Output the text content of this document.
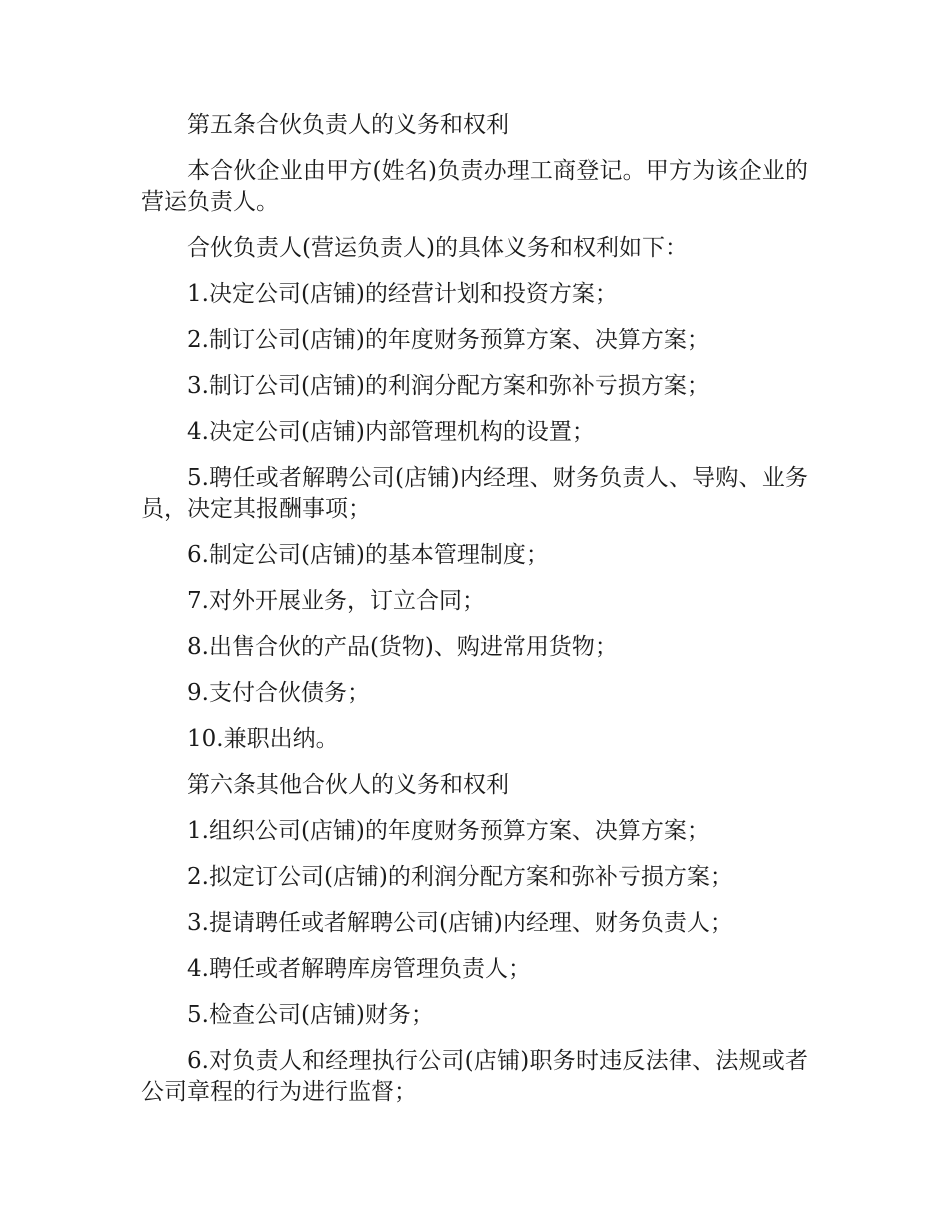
第五条合伙负责人的义务和权利

本合伙企业由甲方(姓名)负责办理工商登记。甲方为该企业的营运负责人。

合伙负责人(营运负责人)的具体义务和权利如下：

1.决定公司(店铺)的经营计划和投资方案；

2.制订公司(店铺)的年度财务预算方案、决算方案；

3.制订公司(店铺)的利润分配方案和弥补亏损方案；

4.决定公司(店铺)内部管理机构的设置；

5.聘任或者解聘公司(店铺)内经理、财务负责人、导购、业务员，决定其报酬事项；

6.制定公司(店铺)的基本管理制度；

7.对外开展业务，订立合同；

8.出售合伙的产品(货物)、购进常用货物；

9.支付合伙债务；

10.兼职出纳。

第六条其他合伙人的义务和权利

1.组织公司(店铺)的年度财务预算方案、决算方案；

2.拟定订公司(店铺)的利润分配方案和弥补亏损方案；

3.提请聘任或者解聘公司(店铺)内经理、财务负责人；

4.聘任或者解聘库房管理负责人；

5.检查公司(店铺)财务；

6.对负责人和经理执行公司(店铺)职务时违反法律、法规或者公司章程的行为进行监督；
